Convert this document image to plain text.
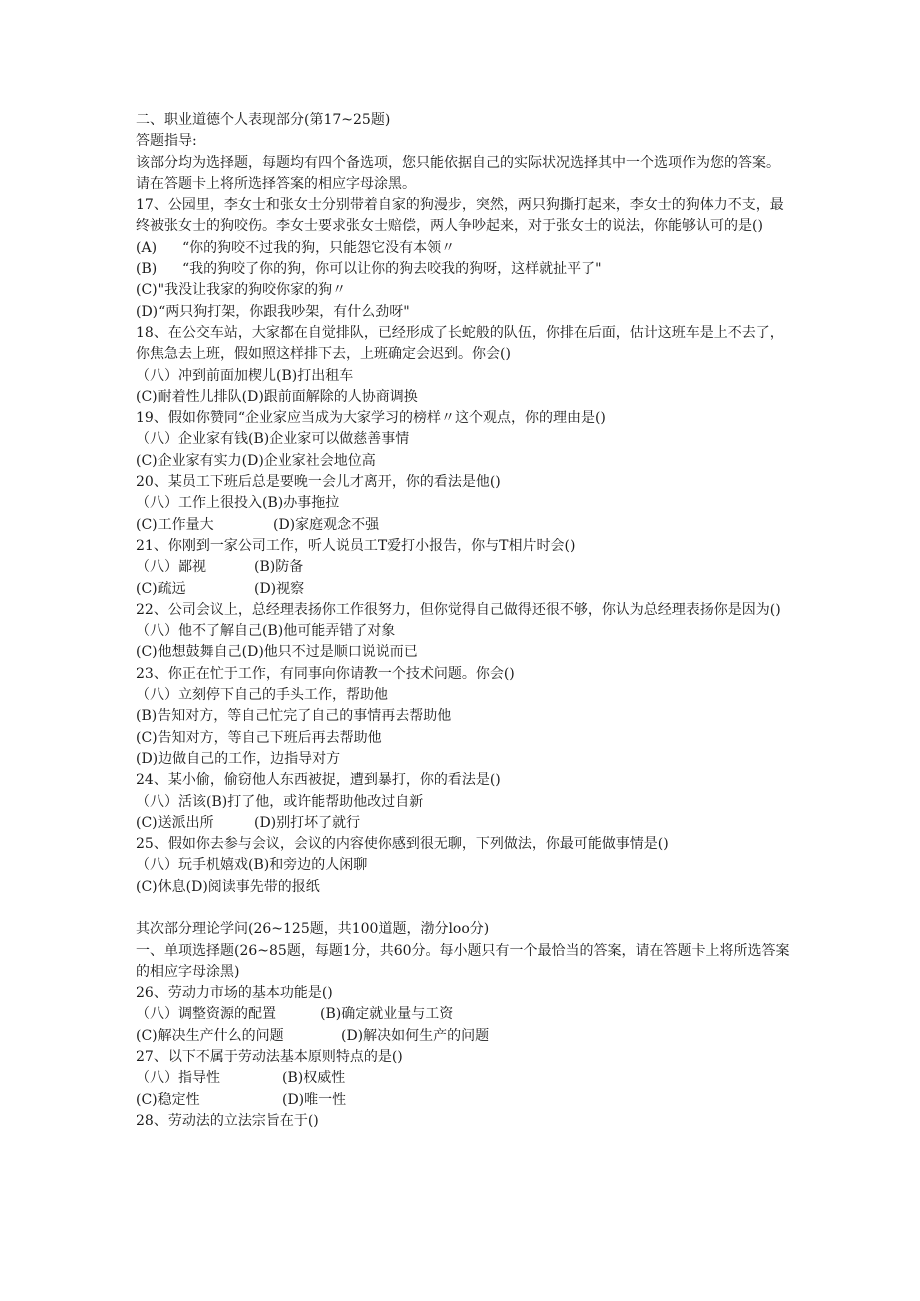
二、职业道德个人表现部分(第17~25题)
答题指导:
该部分均为选择题，每题均有四个备选项，您只能依据自己的实际状况选择其中一个选项作为您的答案。
请在答题卡上将所选择答案的相应字母涂黑。
17、公园里，李女士和张女士分别带着自家的狗漫步，突然，两只狗撕打起来，李女士的狗体力不支，最终被张女士的狗咬伤。李女士要求张女士赔偿，两人争吵起来，对于张女士的说法，你能够认可的是()
(A) “你的狗咬不过我的狗，只能怨它没有本领〃
(B) “我的狗咬了你的狗，你可以让你的狗去咬我的狗呀，这样就扯平了"
(C)"我没让我家的狗咬你家的狗〃
(D)“两只狗打架，你跟我吵架，有什么劲呀"
18、在公交车站，大家都在自觉排队，已经形成了长蛇般的队伍，你排在后面，估计这班车是上不去了，你焦急去上班，假如照这样排下去，上班确定会迟到。你会()
（八）冲到前面加楔儿(B)打出租车
(C)耐着性儿排队(D)跟前面解除的人协商调换
19、假如你赞同“企业家应当成为大家学习的榜样〃这个观点，你的理由是()
（八）企业家有钱(B)企业家可以做慈善事情
(C)企业家有实力(D)企业家社会地位高
20、某员工下班后总是要晚一会儿才离开，你的看法是他()
（八）工作上很投入(B)办事拖拉
(C)工作量大	(D)家庭观念不强
21、你刚到一家公司工作，听人说员工T爱打小报告，你与T相片时会()
（八）鄙视	(B)防备
(C)疏远	(D)视察
22、公司会议上，总经理表扬你工作很努力，但你觉得自己做得还很不够，你认为总经理表扬你是因为()
（八）他不了解自己(B)他可能弄错了对象
(C)他想鼓舞自己(D)他只不过是顺口说说而已
23、你正在忙于工作，有同事向你请教一个技术问题。你会()
（八）立刻停下自己的手头工作，帮助他
(B)告知对方，等自己忙完了自己的事情再去帮助他
(C)告知对方，等自己下班后再去帮助他
(D)边做自己的工作，边指导对方
24、某小偷，偷窃他人东西被捉，遭到暴打，你的看法是()
（八）活该(B)打了他，或许能帮助他改过自新
(C)送派出所	(D)别打坏了就行
25、假如你去参与会议，会议的内容使你感到很无聊，下列做法，你最可能做事情是()
（八）玩手机嬉戏(B)和旁边的人闲聊
(C)休息(D)阅读事先带的报纸
其次部分理论学问(26~125题，共100道题，渤分loo分)
一、单项选择题(26~85题，每题1分，共60分。每小题只有一个最恰当的答案，请在答题卡上将所选答案的相应字母涂黑)
26、劳动力市场的基本功能是()
（八）调整资源的配置	(B)确定就业量与工资
(C)解决生产什么的问题	(D)解决如何生产的问题
27、以下不属于劳动法基本原则特点的是()
（八）指导性	(B)权威性
(C)稳定性	(D)唯一性
28、劳动法的立法宗旨在于()
